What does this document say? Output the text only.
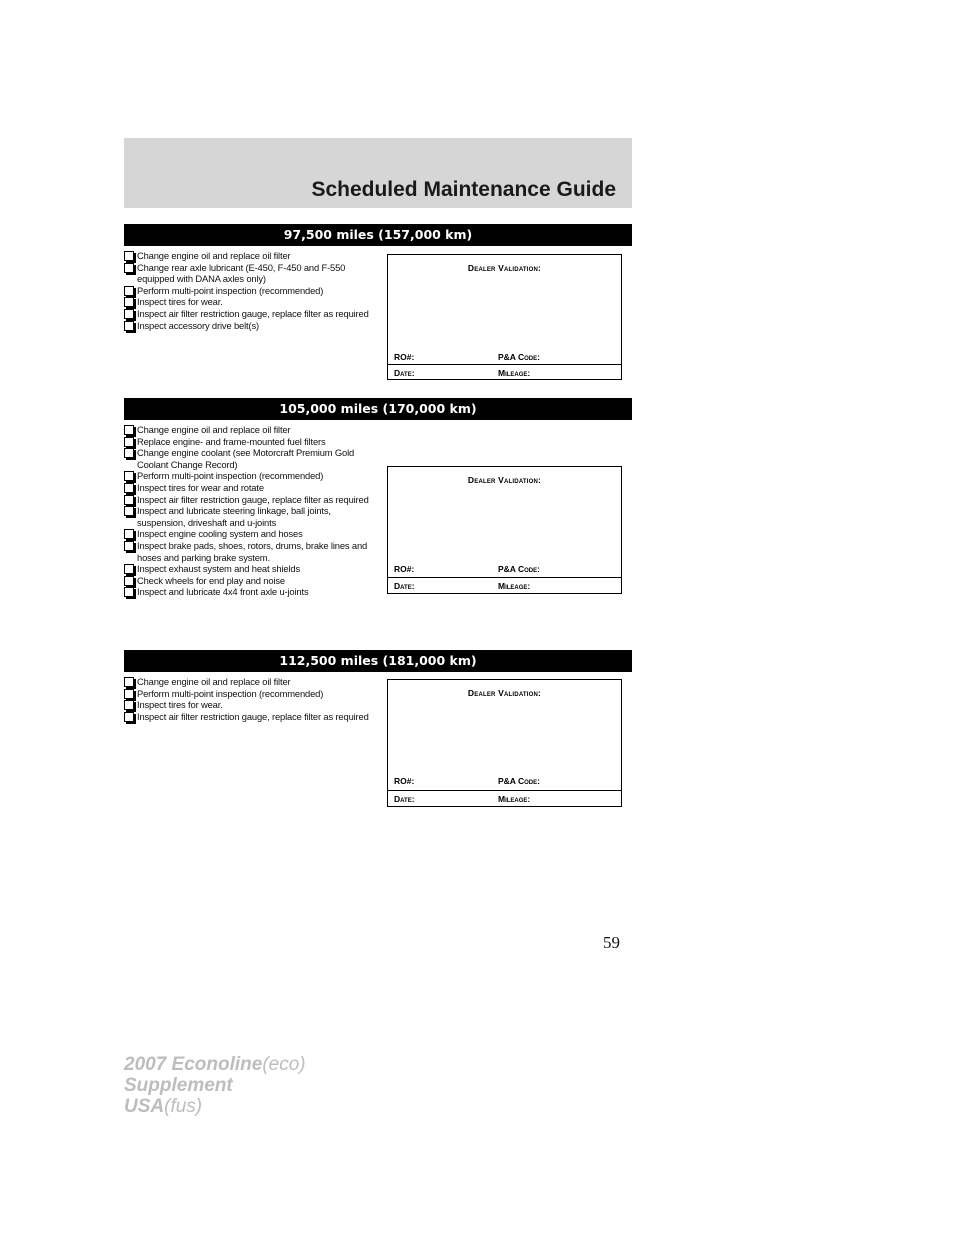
Scheduled Maintenance Guide
97,500 miles (157,000 km)
Change engine oil and replace oil filter
Change rear axle lubricant (E-450, F-450 and F-550 equipped with DANA axles only)
Perform multi-point inspection (recommended)
Inspect tires for wear.
Inspect air filter restriction gauge, replace filter as required
Inspect accessory drive belt(s)
Dealer Validation:
RO#:	P&A Code:
Date:	Mileage:
105,000 miles (170,000 km)
Change engine oil and replace oil filter
Replace engine- and frame-mounted fuel filters
Change engine coolant (see Motorcraft Premium Gold Coolant Change Record)
Perform multi-point inspection (recommended)
Inspect tires for wear and rotate
Inspect air filter restriction gauge, replace filter as required
Inspect and lubricate steering linkage, ball joints, suspension, driveshaft and u-joints
Inspect engine cooling system and hoses
Inspect brake pads, shoes, rotors, drums, brake lines and hoses and parking brake system.
Inspect exhaust system and heat shields
Check wheels for end play and noise
Inspect and lubricate 4x4 front axle u-joints
Dealer Validation:
RO#:	P&A Code:
Date:	Mileage:
112,500 miles (181,000 km)
Change engine oil and replace oil filter
Perform multi-point inspection (recommended)
Inspect tires for wear.
Inspect air filter restriction gauge, replace filter as required
Dealer Validation:
RO#:	P&A Code:
Date:	Mileage:
59
2007 Econoline(eco)
Supplement
USA(fus)
